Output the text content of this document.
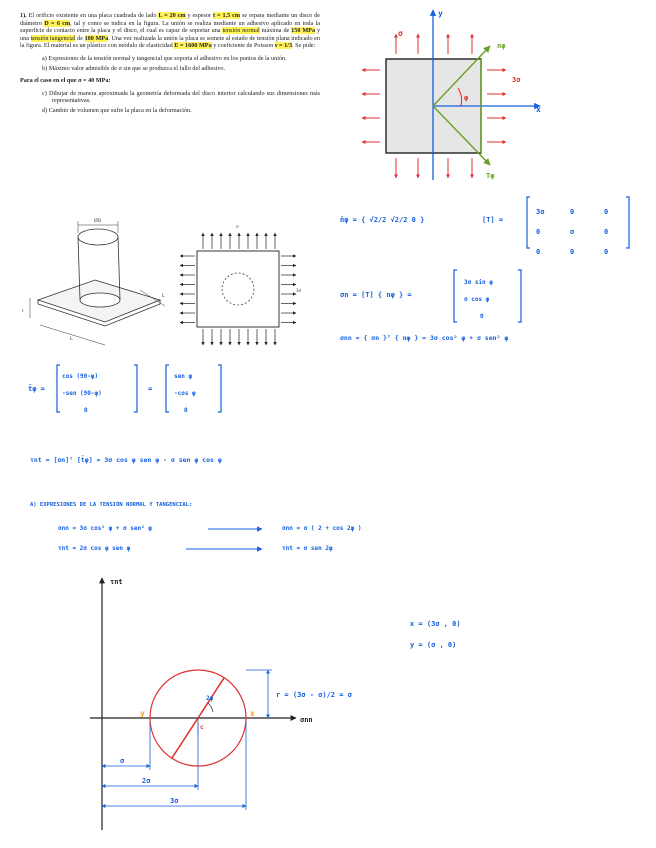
1). El orificio existente en una placa cuadrada de lado L = 20 cm y espesor t = 1.5 cm se repara mediante un disco de diámetro D = 6 cm, tal y como se indica en la figura. La unión se realiza mediante un adhesivo aplicado en toda la superficie de contacto entre la placa y el disco, el cual es capaz de soportar una tensión normal máxima de 150 MPa y una tensión tangencial de 100 MPa. Una vez realizada la unión la placa se somete al estado de tensión plana indicado en la figura. El material es un plástico con módulo de elasticidad E = 1600 MPa y coeficiente de Poisson ν = 1/3. Se pide:

a) Expresiones de la tensión normal y tangencial que soporta el adhesivo en los puntos de la unión.
b) Máximo valor admisible de σ sin que se produzca el fallo del adhesivo.
Para el caso en el que σ = 40 MPa:
c) Dibujar de manera aproximada la geometría deformada del disco interior calculando sus dimensiones más representativas.
d) Cambio de volumen que sufre la placa en la deformación.
y
x
σ
3σ
nφ
Tφ
φ
ØD
L
L
t
σ
3σ
τnt
σnn
y	x
2φ
c
σ
2σ
3σ
r = (3σ - σ)/2 = σ
n̄φ = { √2/2 √2/2 0 }	[T] =
3σ	0	0
0	σ	0
0	0	0
σn = [T] { nφ } =
3σ sin φ
σ cos φ
0
σnn = { σn }ᵀ { nφ } = 3σ cos² φ + σ sen² φ
t̄φ =
cos (90-φ)
-sen (90-φ)
0
=
sen φ
-cos φ
0
τnt = [σn]ᵀ [t̄φ] = 3σ cos φ sen φ - σ sen φ cos φ
A) EXPRESIONES DE LA TENSIÓN NORMAL Y TANGENCIAL:
σnn = 3σ cos² φ + σ sen² φ	σnn = σ ( 2 + cos 2φ )
τnt = 2σ cos φ sen φ	τnt = σ sen 2φ
x = (3σ , 0)
y = (σ , 0)
